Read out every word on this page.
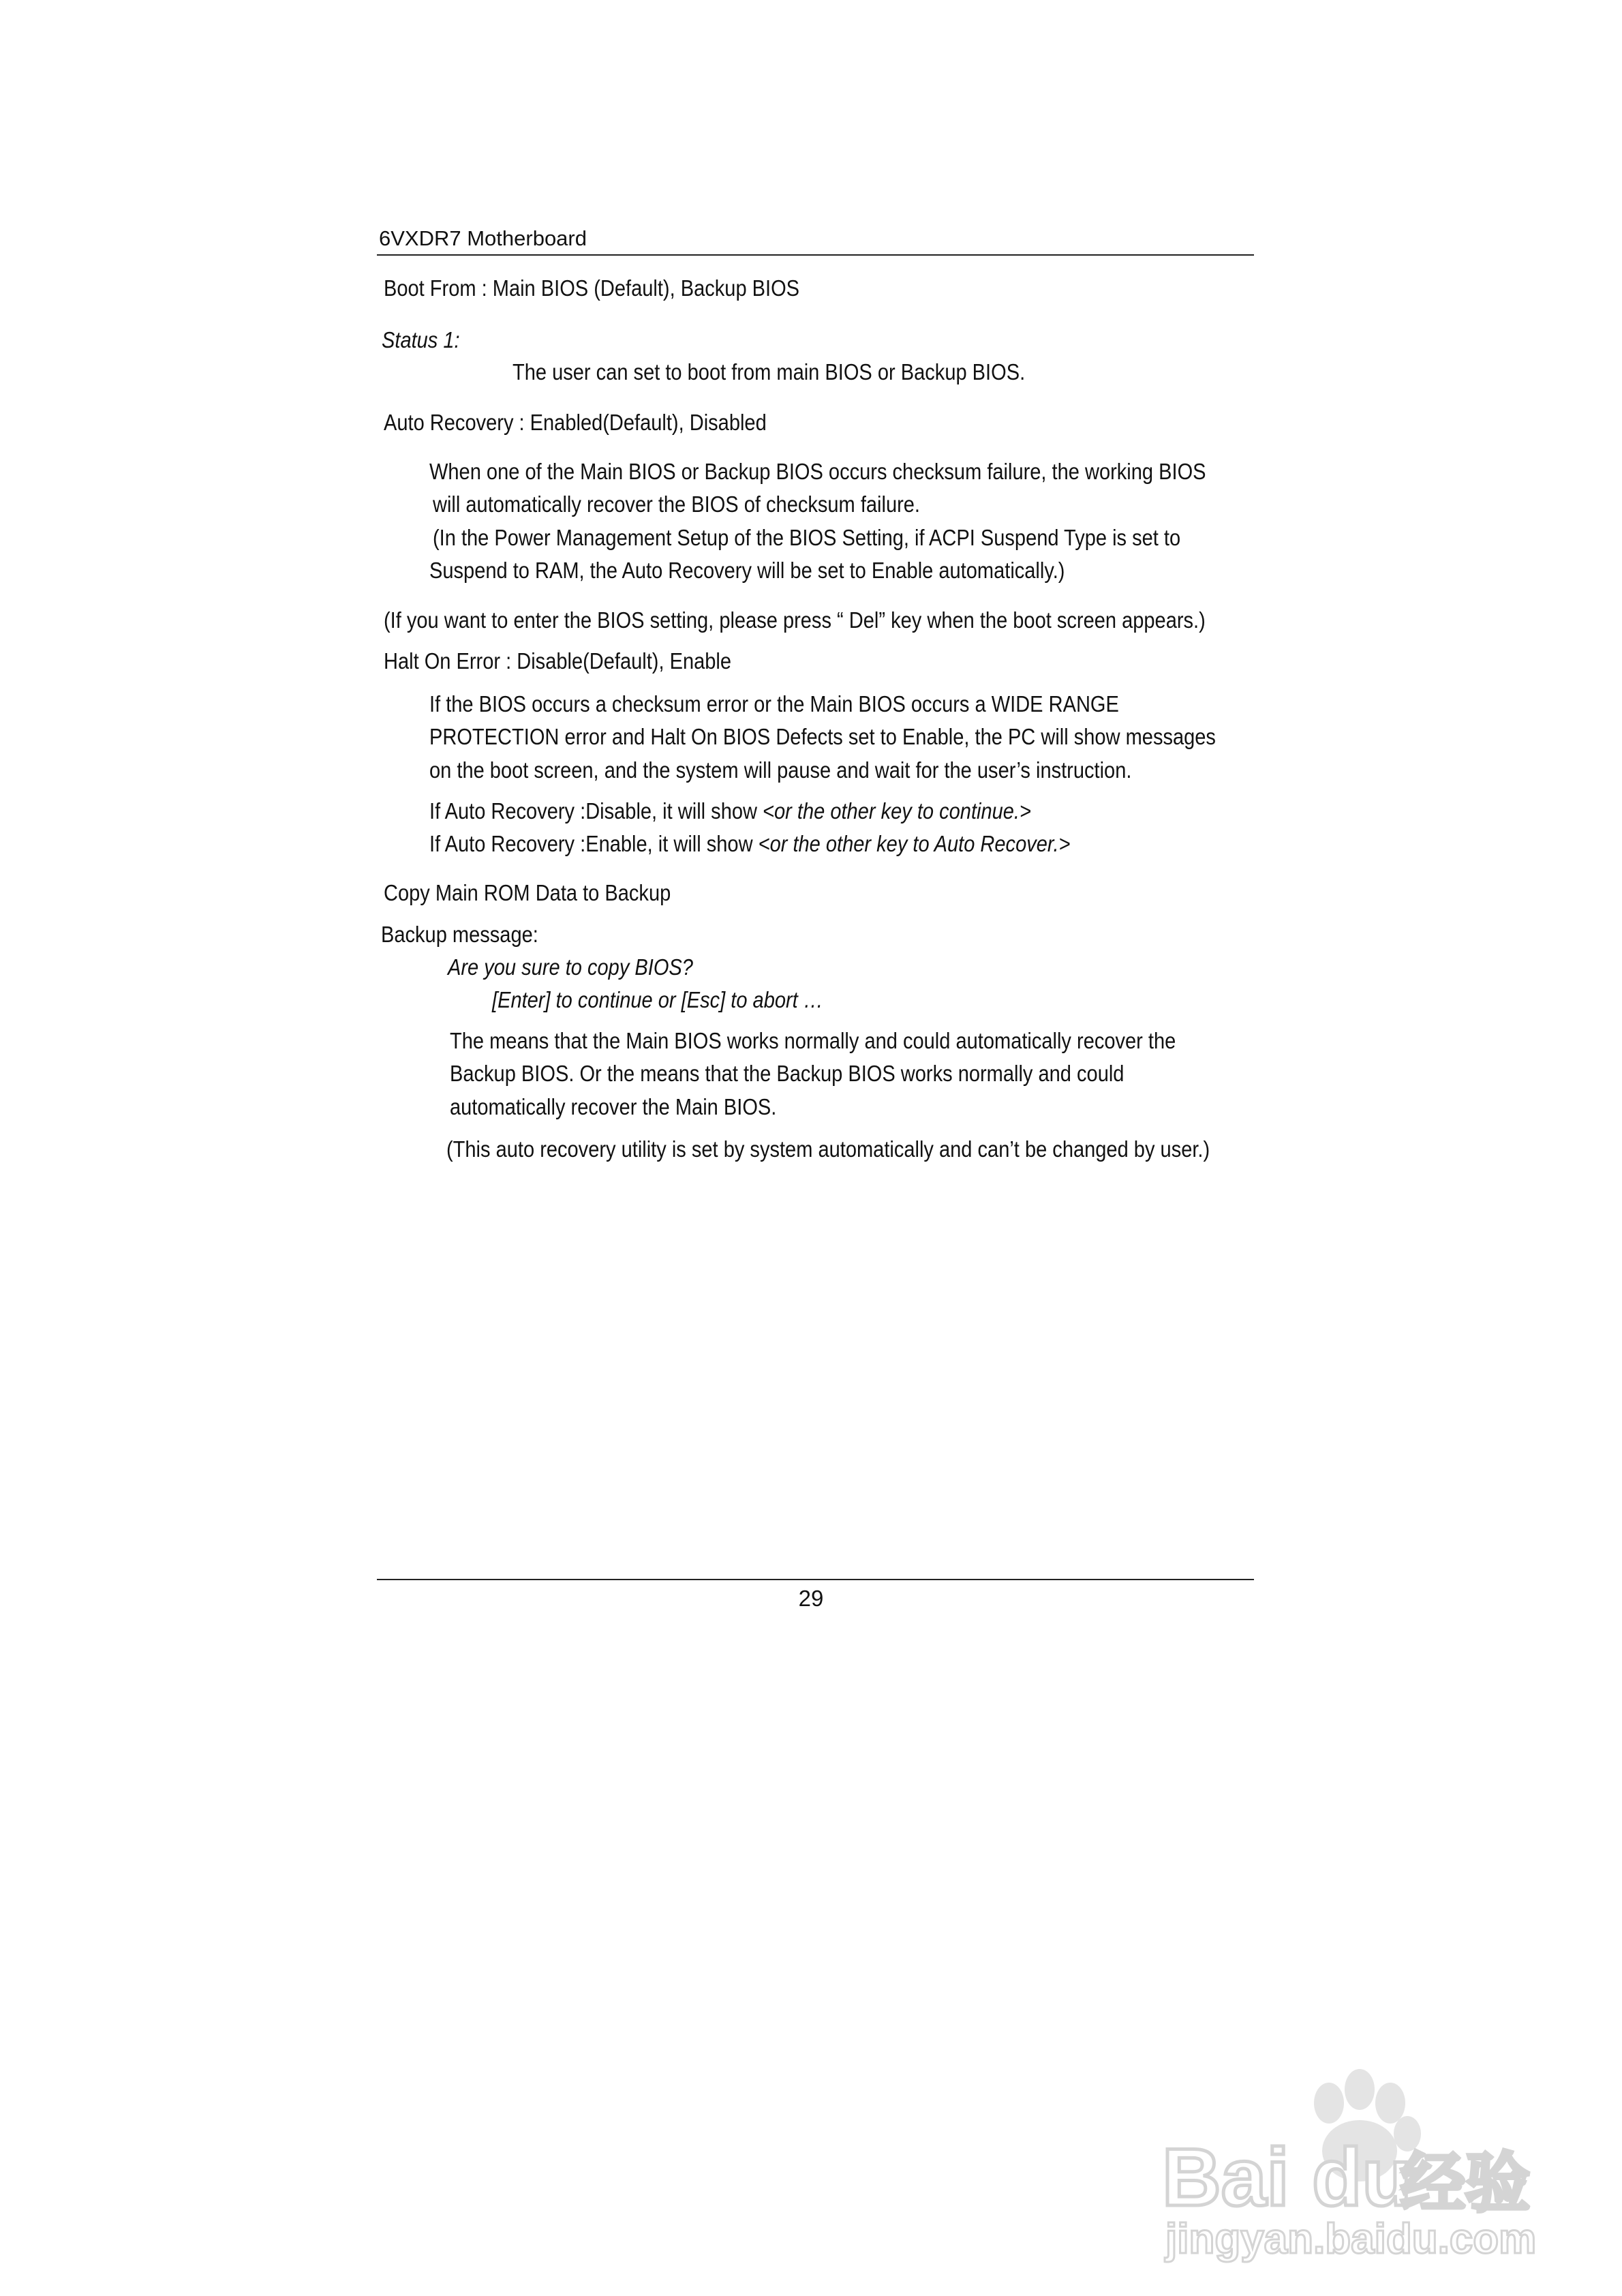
6VXDR7 Motherboard
Boot From : Main BIOS (Default), Backup BIOS
Status 1:
The user can set to boot from main BIOS or Backup BIOS.
Auto Recovery : Enabled(Default), Disabled
When one of the Main BIOS or Backup BIOS occurs checksum failure, the working BIOS
will automatically recover the BIOS of checksum failure.
(In the Power Management Setup of the BIOS Setting, if ACPI Suspend Type is set to
Suspend to RAM, the Auto Recovery will be set to Enable automatically.)
(If you want to enter the BIOS setting, please press “ Del” key when the boot screen appears.)
Halt On Error : Disable(Default), Enable
If the BIOS occurs a checksum error or the Main BIOS occurs a WIDE RANGE
PROTECTION error and Halt On BIOS Defects set to Enable, the PC will show messages
on the boot screen, and the system will pause and wait for the user’s instruction.
If Auto Recovery :Disable, it will show <or the other key to continue.>
If Auto Recovery :Enable, it will show <or the other key to Auto Recover.>
Copy Main ROM Data to Backup
Backup message:
Are you sure to copy BIOS?
[Enter] to continue or [Esc] to abort …
The means that the Main BIOS works normally and could automatically recover the
Backup BIOS. Or the means that the Backup BIOS works normally and could
automatically recover the Main BIOS.
(This auto recovery utility is set by system automatically and can’t be changed by user.)
29
Bai du
经验
jingyan.baidu.com
